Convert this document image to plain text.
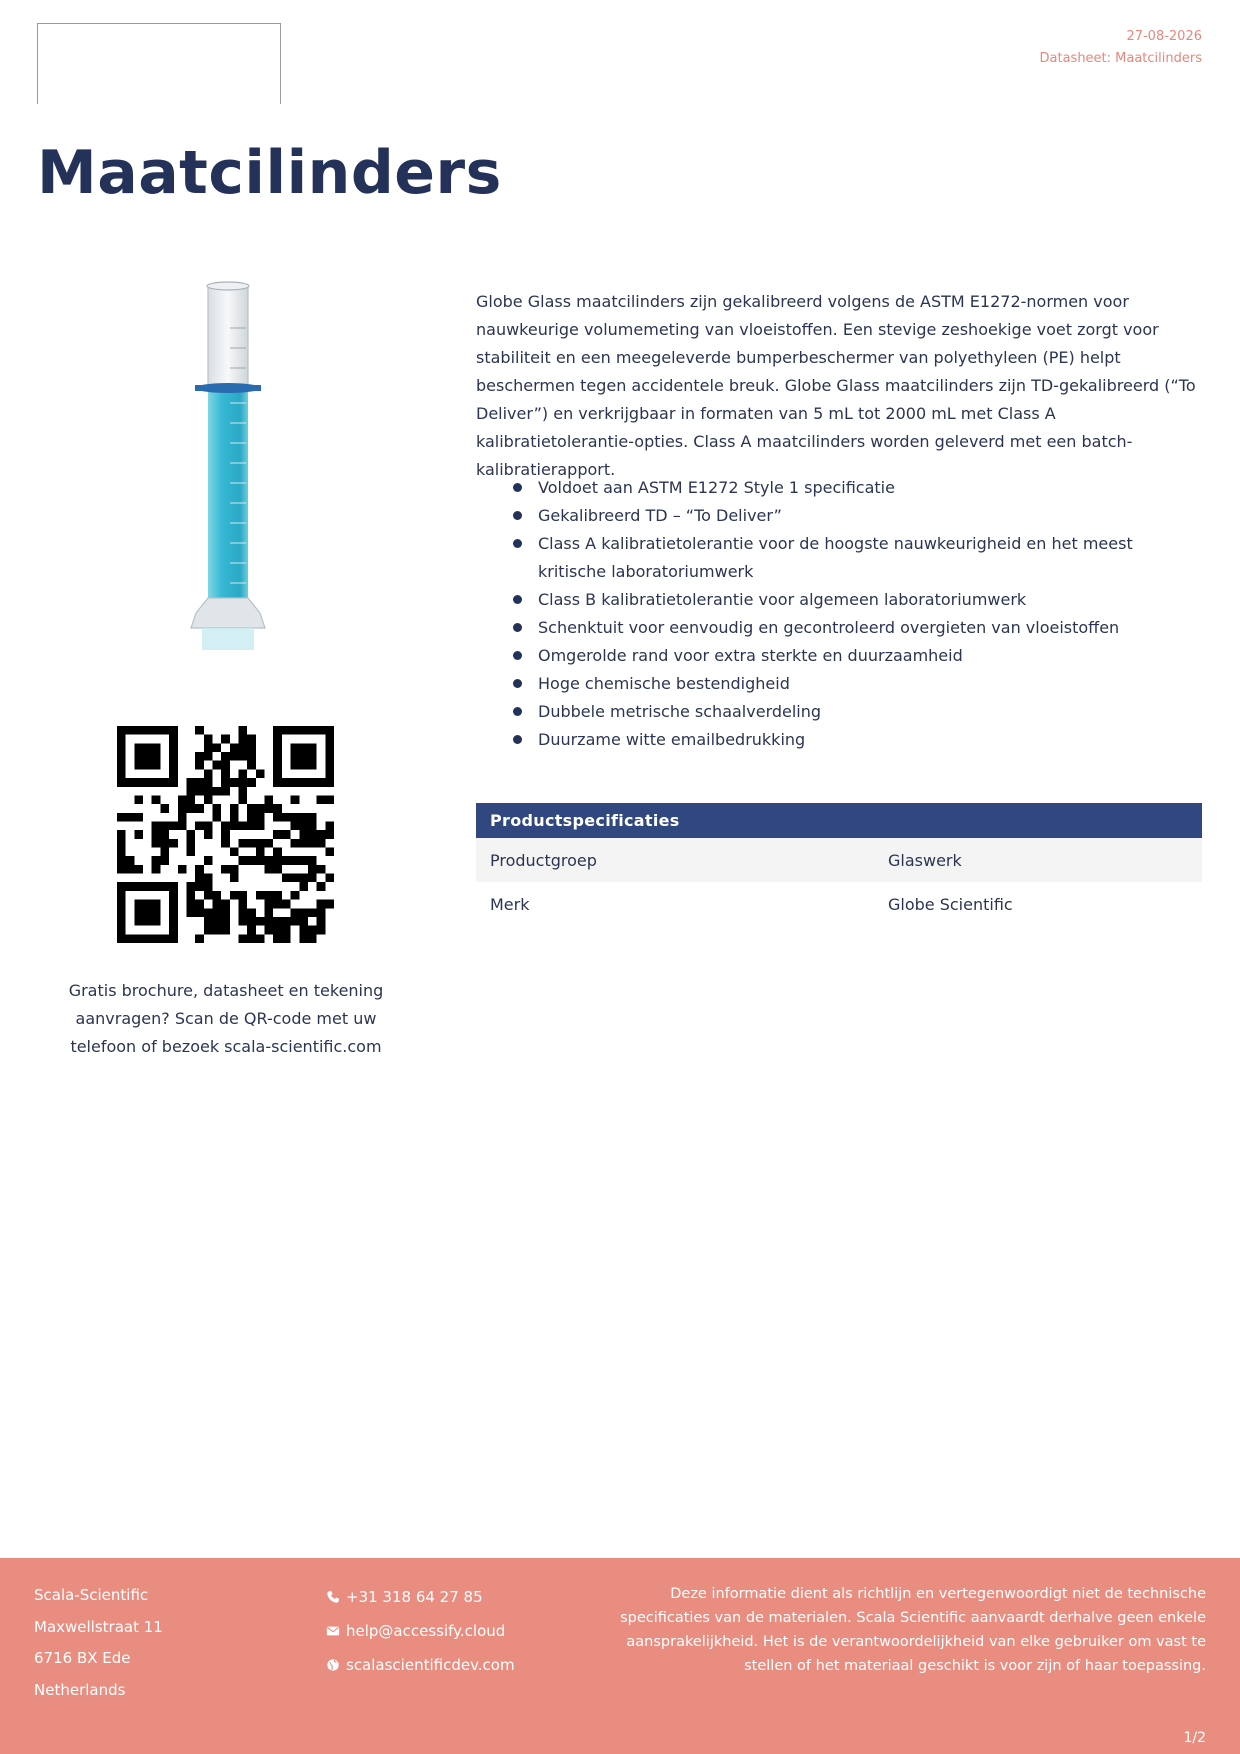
27-08-2026
Datasheet: Maatcilinders
Maatcilinders

Gratis brochure, datasheet en tekening aanvragen? Scan de QR-code met uw telefoon of bezoek scala-scientific.com

Globe Glass maatcilinders zijn gekalibreerd volgens de ASTM E1272-normen voor nauwkeurige volumemeting van vloeistoffen. Een stevige zeshoekige voet zorgt voor stabiliteit en een meegeleverde bumperbeschermer van polyethyleen (PE) helpt beschermen tegen accidentele breuk. Globe Glass maatcilinders zijn TD-gekalibreerd (“To Deliver”) en verkrijgbaar in formaten van 5 mL tot 2000 mL met Class A kalibratietolerantie-opties. Class A maatcilinders worden geleverd met een batch-kalibratierapport.

Voldoet aan ASTM E1272 Style 1 specificatie
Gekalibreerd TD – “To Deliver”
Class A kalibratietolerantie voor de hoogste nauwkeurigheid en het meest kritische laboratoriumwerk
Class B kalibratietolerantie voor algemeen laboratoriumwerk
Schenktuit voor eenvoudig en gecontroleerd overgieten van vloeistoffen
Omgerolde rand voor extra sterkte en duurzaamheid
Hoge chemische bestendigheid
Dubbele metrische schaalverdeling
Duurzame witte emailbedrukking
Productspecificaties	
Productgroep	Glaswerk
Merk	Globe Scientific
Scala-Scientific
Maxwellstraat 11
6716 BX Ede
Netherlands
+31 318 64 27 85
help@accessify.cloud
scalascientificdev.com

Deze informatie dient als richtlijn en vertegenwoordigt niet de technische specificaties van de materialen. Scala Scientific aanvaardt derhalve geen enkele aansprakelijkheid. Het is de verantwoordelijkheid van elke gebruiker om vast te stellen of het materiaal geschikt is voor zijn of haar toepassing.

1/2
